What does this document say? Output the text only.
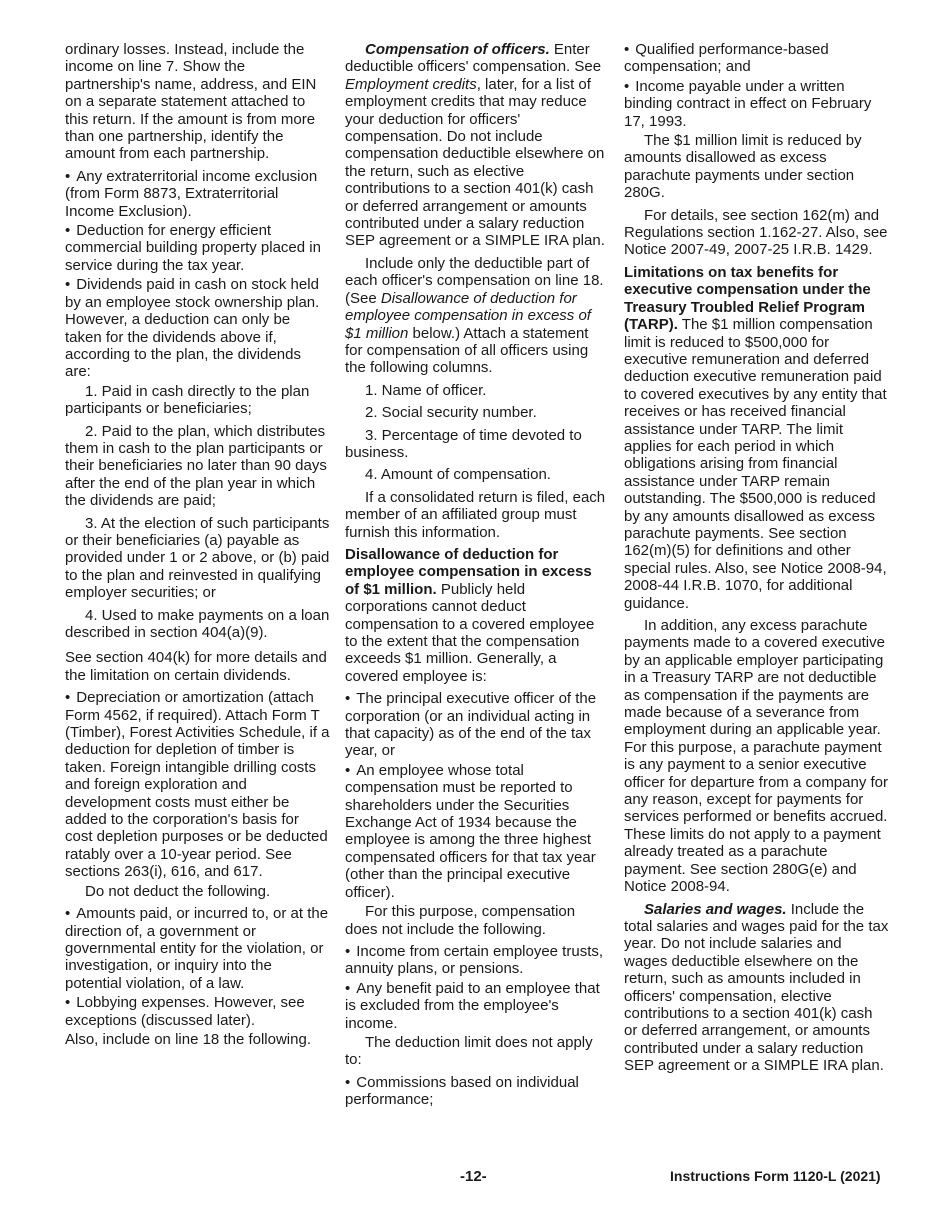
ordinary losses. Instead, include the income on line 7. Show the partnership's name, address, and EIN on a separate statement attached to this return. If the amount is from more than one partnership, identify the amount from each partnership.

• Any extraterritorial income exclusion (from Form 8873, Extraterritorial Income Exclusion).

• Deduction for energy efficient commercial building property placed in service during the tax year.

• Dividends paid in cash on stock held by an employee stock ownership plan. However, a deduction can only be taken for the dividends above if, according to the plan, the dividends are:

1. Paid in cash directly to the plan participants or beneficiaries;

2. Paid to the plan, which distributes them in cash to the plan participants or their beneficiaries no later than 90 days after the end of the plan year in which the dividends are paid;

3. At the election of such participants or their beneficiaries (a) payable as provided under 1 or 2 above, or (b) paid to the plan and reinvested in qualifying employer securities; or

4. Used to make payments on a loan described in section 404(a)(9).

See section 404(k) for more details and the limitation on certain dividends.

• Depreciation or amortization (attach Form 4562, if required). Attach Form T (Timber), Forest Activities Schedule, if a deduction for depletion of timber is taken. Foreign intangible drilling costs and foreign exploration and development costs must either be added to the corporation's basis for cost depletion purposes or be deducted ratably over a 10-year period. See sections 263(i), 616, and 617.

Do not deduct the following.

• Amounts paid, or incurred to, or at the direction of, a government or governmental entity for the violation, or investigation, or inquiry into the potential violation, of a law.

• Lobbying expenses. However, see exceptions (discussed later).

Also, include on line 18 the following.

Compensation of officers. Enter deductible officers' compensation. See Employment credits, later, for a list of employment credits that may reduce your deduction for officers' compensation. Do not include compensation deductible elsewhere on the return, such as elective contributions to a section 401(k) cash or deferred arrangement or amounts contributed under a salary reduction SEP agreement or a SIMPLE IRA plan.

Include only the deductible part of each officer's compensation on line 18. (See Disallowance of deduction for employee compensation in excess of $1 million below.) Attach a statement for compensation of all officers using the following columns.

1. Name of officer.

2. Social security number.

3. Percentage of time devoted to business.

4. Amount of compensation.

If a consolidated return is filed, each member of an affiliated group must furnish this information.

Disallowance of deduction for employee compensation in excess of $1 million. Publicly held corporations cannot deduct compensation to a covered employee to the extent that the compensation exceeds $1 million. Generally, a covered employee is:

• The principal executive officer of the corporation (or an individual acting in that capacity) as of the end of the tax year, or

• An employee whose total compensation must be reported to shareholders under the Securities Exchange Act of 1934 because the employee is among the three highest compensated officers for that tax year (other than the principal executive officer).

For this purpose, compensation does not include the following.

• Income from certain employee trusts, annuity plans, or pensions.

• Any benefit paid to an employee that is excluded from the employee's income.

The deduction limit does not apply to:

• Commissions based on individual performance;

• Qualified performance-based compensation; and

• Income payable under a written binding contract in effect on February 17, 1993.

The $1 million limit is reduced by amounts disallowed as excess parachute payments under section 280G.

For details, see section 162(m) and Regulations section 1.162-27. Also, see Notice 2007-49, 2007-25 I.R.B. 1429.

Limitations on tax benefits for executive compensation under the Treasury Troubled Relief Program (TARP). The $1 million compensation limit is reduced to $500,000 for executive remuneration and deferred deduction executive remuneration paid to covered executives by any entity that receives or has received financial assistance under TARP. The limit applies for each period in which obligations arising from financial assistance under TARP remain outstanding. The $500,000 is reduced by any amounts disallowed as excess parachute payments. See section 162(m)(5) for definitions and other special rules. Also, see Notice 2008-94, 2008-44 I.R.B. 1070, for additional guidance.

In addition, any excess parachute payments made to a covered executive by an applicable employer participating in a Treasury TARP are not deductible as compensation if the payments are made because of a severance from employment during an applicable year. For this purpose, a parachute payment is any payment to a senior executive officer for departure from a company for any reason, except for payments for services performed or benefits accrued. These limits do not apply to a payment already treated as a parachute payment. See section 280G(e) and Notice 2008-94.

Salaries and wages. Include the total salaries and wages paid for the tax year. Do not include salaries and wages deductible elsewhere on the return, such as amounts included in officers' compensation, elective contributions to a section 401(k) cash or deferred arrangement, or amounts contributed under a salary reduction SEP agreement or a SIMPLE IRA plan.

-12-	Instructions Form 1120-L (2021)
